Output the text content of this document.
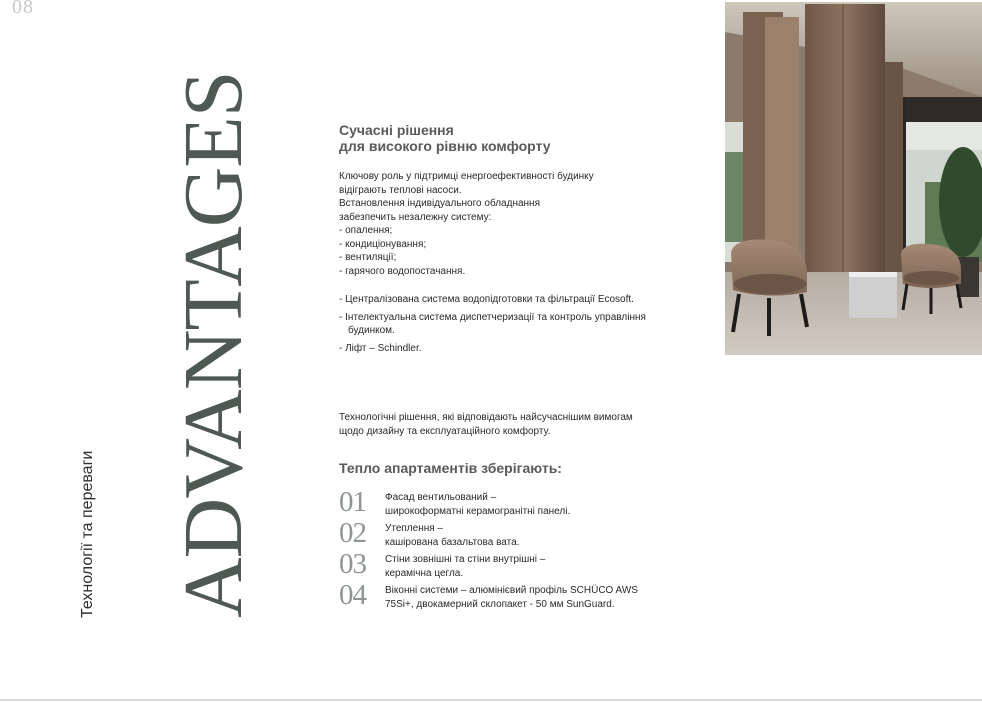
08
ADVANTAGES
Технології та переваги
Сучасні рішення
для високого рівню комфорту
Ключову роль у підтримці енергоефективності будинку
відіграють теплові насоси.
Встановлення індивідуального обладнання
забезпечить незалежну систему:
- опалення;
- кондиціонування;
- вентиляції;
- гарячого водопостачання.
- Централізована система водопідготовки та фільтрації Ecosoft.
- Інтелектуальна система диспетчеризації та контроль управління будинком.
- Ліфт – Schindler.
Технологічні рішення, які відповідають найсучаснішим вимогам
щодо дизайну та експлуатаційного комфорту.
Тепло апартаментів зберігають:
01	Фасад вентильований –
широкоформатні керамогранітні панелі.
02	Утеплення –
кашірована базальтова вата.
03	Стіни зовнішні та стіни внутрішні –
керамічна цегла.
04	Віконні системи – алюмінієвий профіль SCHÜCO AWS
75Si+, двокамерний склопакет - 50 мм SunGuard.
